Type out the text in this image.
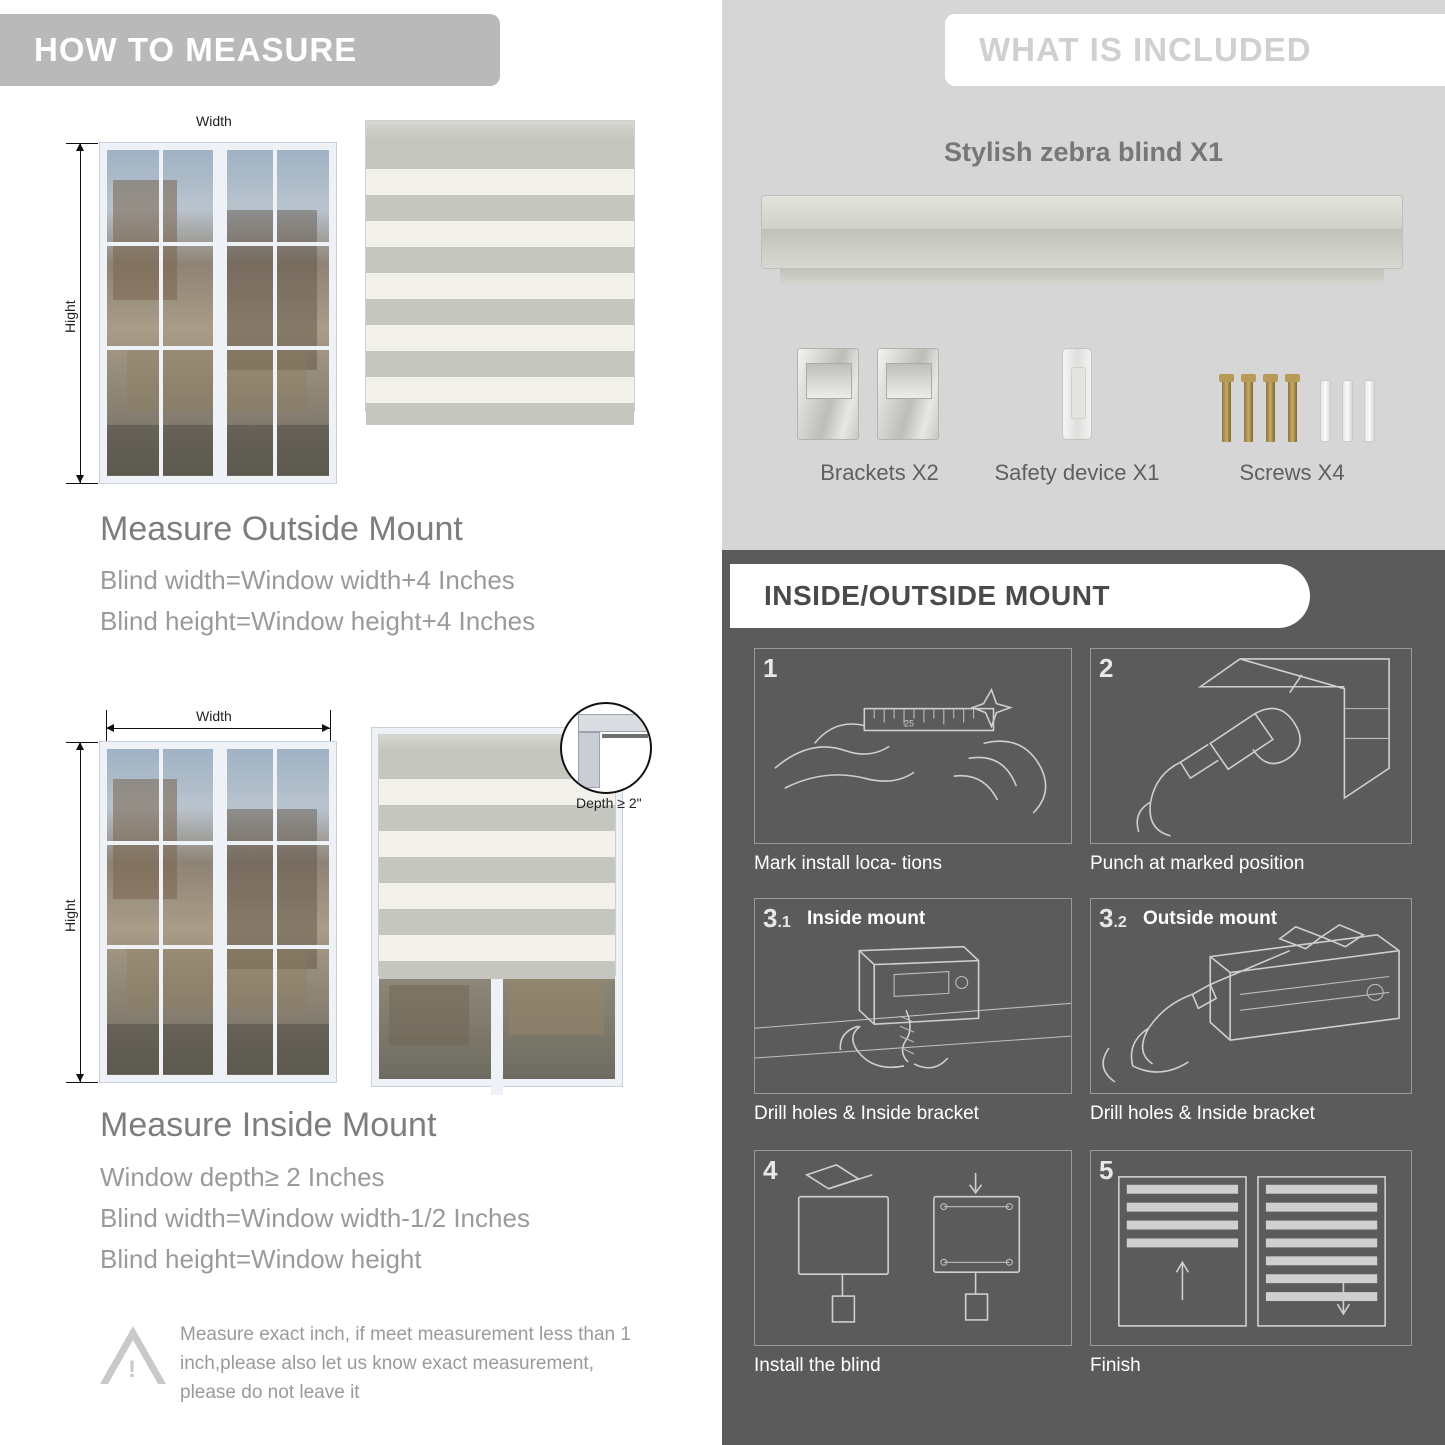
HOW TO MEASURE
Width
Hight
Measure Outside Mount
Blind width=Window width+4 Inches
Blind height=Window height+4 Inches
Width
Hight
Depth ≥ 2"
Measure Inside Mount
Window depth≥ 2 Inches
Blind width=Window width-1/2 Inches
Blind height=Window height
!
Measure exact inch, if meet measurement less than 1 inch,please also let us know exact measurement, please do not leave it
WHAT IS INCLUDED
Stylish zebra blind X1
Brackets X2	Safety device X1	Screws X4
INSIDE/OUTSIDE MOUNT
1
25
Mark install loca- tions
2
Punch at marked position
3.1 Inside mount
Drill holes & Inside bracket
3.2 Outside mount
Drill holes & Inside bracket
4
Install the blind
5
Finish
